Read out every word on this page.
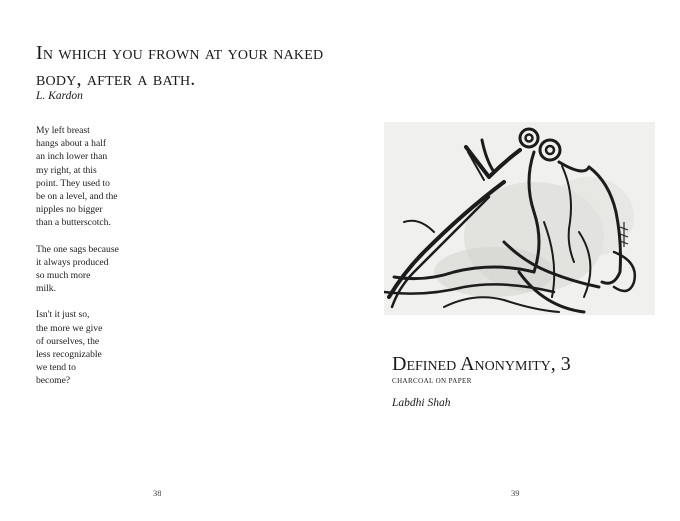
In which you frown at your naked body, after a bath.
L. Kardon

My left breast
hangs about a half
an inch lower than
my right, at this
point. They used to
be on a level, and the
nipples no bigger
than a butterscotch.

The one sags because
it always produced
so much more
milk.

Isn't it just so,
the more we give
of ourselves, the
less recognizable
we tend to
become?

38
Defined Anonymity, 3
CHARCOAL ON PAPER
Labdhi Shah
39
